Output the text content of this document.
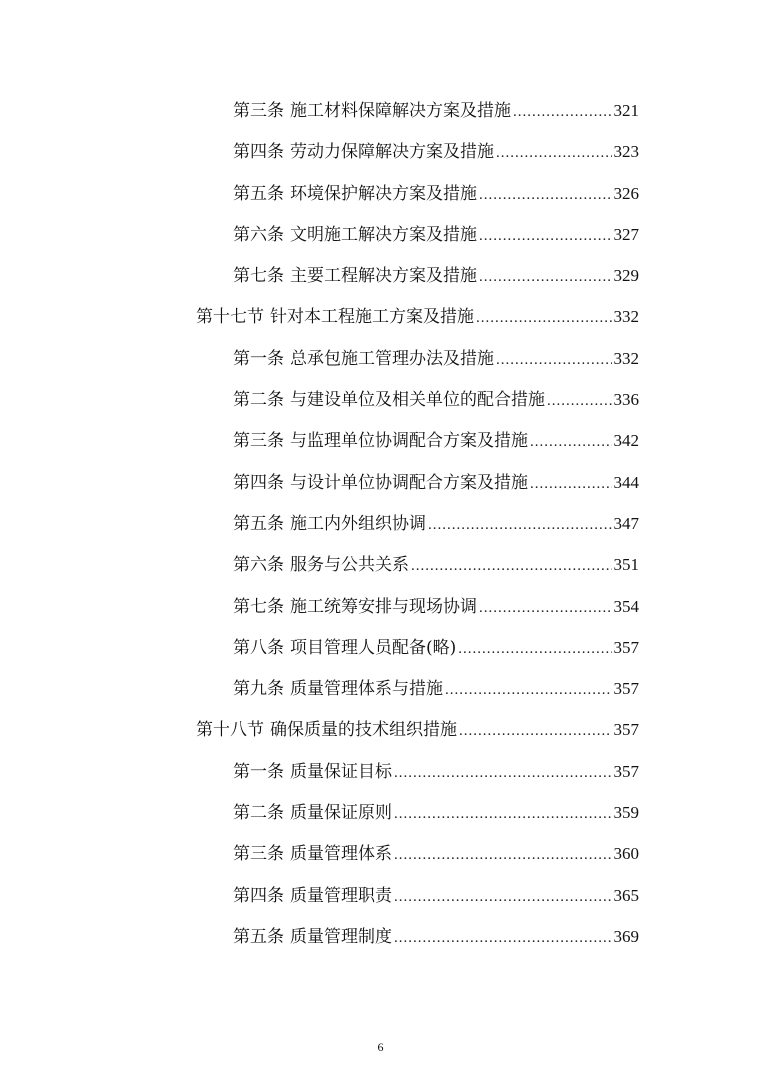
第三条 施工材料保障解决方案及措施 .....	321
第四条 劳动力保障解决方案及措施 .....	323
第五条 环境保护解决方案及措施 .....	326
第六条 文明施工解决方案及措施 .....	327
第七条 主要工程解决方案及措施 .....	329
第十七节 针对本工程施工方案及措施 .....	332
第一条 总承包施工管理办法及措施 .....	332
第二条 与建设单位及相关单位的配合措施 .....	336
第三条 与监理单位协调配合方案及措施 .....	342
第四条 与设计单位协调配合方案及措施 .....	344
第五条 施工内外组织协调 .....	347
第六条 服务与公共关系 .....	351
第七条 施工统筹安排与现场协调 .....	354
第八条 项目管理人员配备(略) .....	357
第九条 质量管理体系与措施 .....	357
第十八节 确保质量的技术组织措施 .....	357
第一条 质量保证目标 .....	357
第二条 质量保证原则 .....	359
第三条 质量管理体系 .....	360
第四条 质量管理职责 .....	365
第五条 质量管理制度 .....	369
6
